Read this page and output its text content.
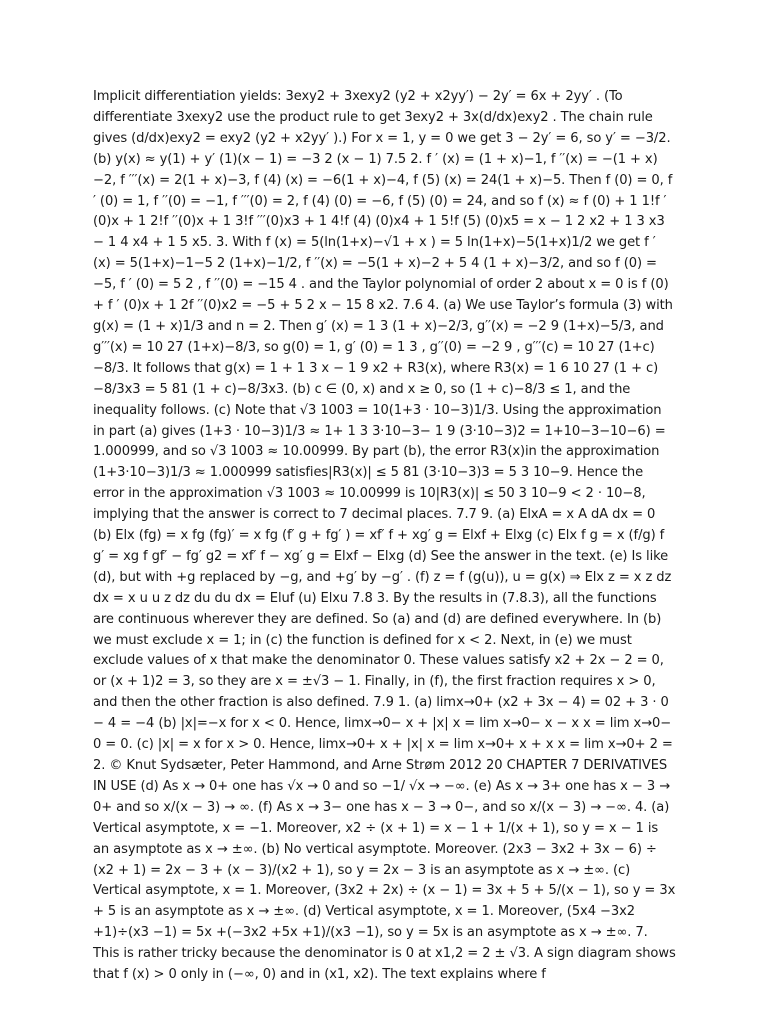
Implicit differentiation yields: 3exy2 + 3xexy2 (y2 + x2yy′) − 2y′ = 6x + 2yy′ . (To differentiate 3xexy2 use the product rule to get 3exy2 + 3x(d/dx)exy2 . The chain rule gives (d/dx)exy2 = exy2 (y2 + x2yy′ ).) For x = 1, y = 0 we get 3 − 2y′ = 6, so y′ = −3/2. (b) y(x) ≈ y(1) + y′ (1)(x − 1) = −3 2 (x − 1) 7.5 2. f ′ (x) = (1 + x)−1, f ′′(x) = −(1 + x)−2, f ′′′(x) = 2(1 + x)−3, f (4) (x) = −6(1 + x)−4, f (5) (x) = 24(1 + x)−5. Then f (0) = 0, f ′ (0) = 1, f ′′(0) = −1, f ′′′(0) = 2, f (4) (0) = −6, f (5) (0) = 24, and so f (x) ≈ f (0) + 1 1!f ′ (0)x + 1 2!f ′′(0)x + 1 3!f ′′′(0)x3 + 1 4!f (4) (0)x4 + 1 5!f (5) (0)x5 = x − 1 2 x2 + 1 3 x3 − 1 4 x4 + 1 5 x5. 3. With f (x) = 5(ln(1+x)−√1 + x ) = 5 ln(1+x)−5(1+x)1/2 we get f ′ (x) = 5(1+x)−1−5 2 (1+x)−1/2, f ′′(x) = −5(1 + x)−2 + 5 4 (1 + x)−3/2, and so f (0) = −5, f ′ (0) = 5 2 , f ′′(0) = −15 4 . and the Taylor polynomial of order 2 about x = 0 is f (0) + f ′ (0)x + 1 2f ′′(0)x2 = −5 + 5 2 x − 15 8 x2. 7.6 4. (a) We use Taylor’s formula (3) with g(x) = (1 + x)1/3 and n = 2. Then g′ (x) = 1 3 (1 + x)−2/3, g′′(x) = −2 9 (1+x)−5/3, and g′′′(x) = 10 27 (1+x)−8/3, so g(0) = 1, g′ (0) = 1 3 , g′′(0) = −2 9 , g′′′(c) = 10 27 (1+c)−8/3. It follows that g(x) = 1 + 1 3 x − 1 9 x2 + R3(x), where R3(x) = 1 6 10 27 (1 + c)−8/3x3 = 5 81 (1 + c)−8/3x3. (b) c ∈ (0, x) and x ≥ 0, so (1 + c)−8/3 ≤ 1, and the inequality follows. (c) Note that √3 1003 = 10(1+3 · 10−3)1/3. Using the approximation in part (a) gives (1+3 · 10−3)1/3 ≈ 1+ 1 3 3·10−3− 1 9 (3·10−3)2 = 1+10−3−10−6) = 1.000999, and so √3 1003 ≈ 10.00999. By part (b), the error R3(x)in the approximation (1+3·10−3)1/3 ≈ 1.000999 satisfies|R3(x)| ≤ 5 81 (3·10−3)3 = 5 3 10−9. Hence the error in the approximation √3 1003 ≈ 10.00999 is 10|R3(x)| ≤ 50 3 10−9 < 2 · 10−8, implying that the answer is correct to 7 decimal places. 7.7 9. (a) ElxA = x A dA dx = 0 (b) Elx (fg) = x fg (fg)′ = x fg (f′ g + fg′ ) = xf′ f + xg′ g = Elxf + Elxg (c) Elx f g = x (f/g) f g′ = xg f gf′ − fg′ g2 = xf′ f − xg′ g = Elxf − Elxg (d) See the answer in the text. (e) Is like (d), but with +g replaced by −g, and +g′ by −g′ . (f) z = f (g(u)), u = g(x) ⇒ Elx z = x z dz dx = x u u z dz du du dx = Eluf (u) Elxu 7.8 3. By the results in (7.8.3), all the functions are continuous wherever they are defined. So (a) and (d) are defined everywhere. In (b) we must exclude x = 1; in (c) the function is defined for x < 2. Next, in (e) we must exclude values of x that make the denominator 0. These values satisfy x2 + 2x − 2 = 0, or (x + 1)2 = 3, so they are x = ±√3 − 1. Finally, in (f), the first fraction requires x > 0, and then the other fraction is also defined. 7.9 1. (a) limx→0+ (x2 + 3x − 4) = 02 + 3 · 0 − 4 = −4 (b) |x|=−x for x < 0. Hence, limx→0− x + |x| x = lim x→0− x − x x = lim x→0− 0 = 0. (c) |x| = x for x > 0. Hence, limx→0+ x + |x| x = lim x→0+ x + x x = lim x→0+ 2 = 2. © Knut Sydsæter, Peter Hammond, and Arne Strøm 2012 20 CHAPTER 7 DERIVATIVES IN USE (d) As x → 0+ one has √x → 0 and so −1/ √x → −∞. (e) As x → 3+ one has x − 3 → 0+ and so x/(x − 3) → ∞. (f) As x → 3− one has x − 3 → 0−, and so x/(x − 3) → −∞. 4. (a) Vertical asymptote, x = −1. Moreover, x2 ÷ (x + 1) = x − 1 + 1/(x + 1), so y = x − 1 is an asymptote as x → ±∞. (b) No vertical asymptote. Moreover. (2x3 − 3x2 + 3x − 6) ÷ (x2 + 1) = 2x − 3 + (x − 3)/(x2 + 1), so y = 2x − 3 is an asymptote as x → ±∞. (c) Vertical asymptote, x = 1. Moreover, (3x2 + 2x) ÷ (x − 1) = 3x + 5 + 5/(x − 1), so y = 3x + 5 is an asymptote as x → ±∞. (d) Vertical asymptote, x = 1. Moreover, (5x4 −3x2 +1)÷(x3 −1) = 5x +(−3x2 +5x +1)/(x3 −1), so y = 5x is an asymptote as x → ±∞. 7. This is rather tricky because the denominator is 0 at x1,2 = 2 ± √3. A sign diagram shows that f (x) > 0 only in (−∞, 0) and in (x1, x2). The text explains where f
